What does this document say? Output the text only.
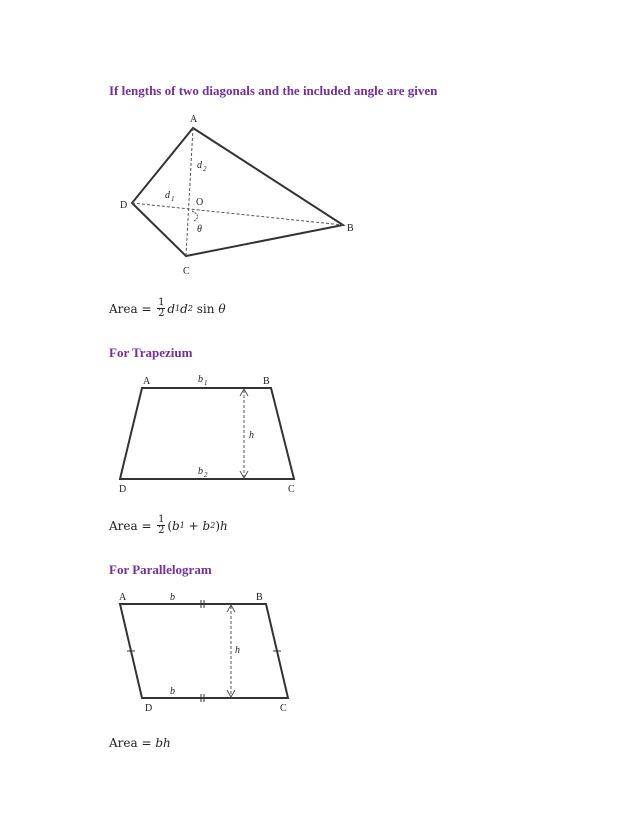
If lengths of two diagonals and the included angle are given
A
B
C
D	O
d 2
d 1
θ
Area =
$\frac{1}{2}$ d 1 d 2
sin
θ
For Trapezium
A	B
C
D
b 1
b 2
h
Area =
$\frac{1}{2}$ ( b 1
+
b 2 ) h
For Parallelogram
A	B
C
D
b
b
h
Area =
bh
